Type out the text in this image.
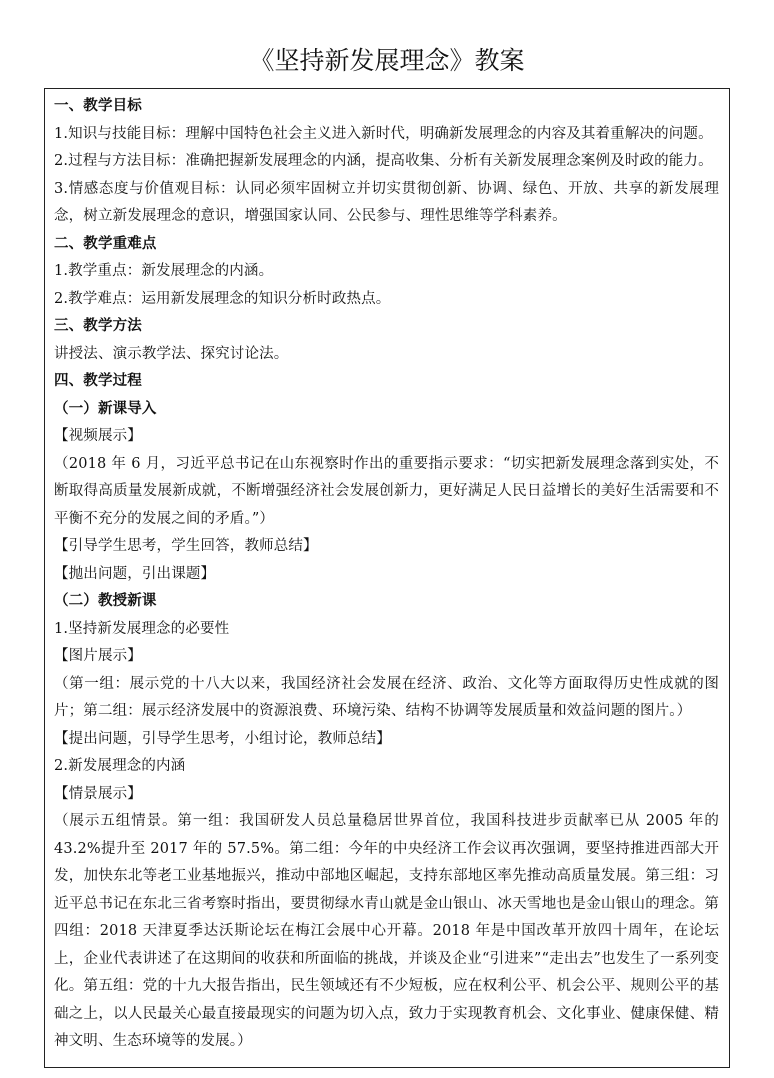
《坚持新发展理念》教案
一、教学目标
1.知识与技能目标：理解中国特色社会主义进入新时代，明确新发展理念的内容及其着重解决的问题。
2.过程与方法目标：准确把握新发展理念的内涵，提高收集、分析有关新发展理念案例及时政的能力。
3.情感态度与价值观目标：认同必须牢固树立并切实贯彻创新、协调、绿色、开放、共享的新发展理念，树立新发展理念的意识，增强国家认同、公民参与、理性思维等学科素养。
二、教学重难点
1.教学重点：新发展理念的内涵。
2.教学难点：运用新发展理念的知识分析时政热点。
三、教学方法
讲授法、演示教学法、探究讨论法。
四、教学过程
（一）新课导入
【视频展示】
（2018 年 6 月，习近平总书记在山东视察时作出的重要指示要求：“切实把新发展理念落到实处，不断取得高质量发展新成就，不断增强经济社会发展创新力，更好满足人民日益增长的美好生活需要和不平衡不充分的发展之间的矛盾。”）
【引导学生思考，学生回答，教师总结】
【抛出问题，引出课题】
（二）教授新课
1.坚持新发展理念的必要性
【图片展示】
（第一组：展示党的十八大以来，我国经济社会发展在经济、政治、文化等方面取得历史性成就的图片；第二组：展示经济发展中的资源浪费、环境污染、结构不协调等发展质量和效益问题的图片。）
【提出问题，引导学生思考，小组讨论，教师总结】
2.新发展理念的内涵
【情景展示】
（展示五组情景。第一组：我国研发人员总量稳居世界首位，我国科技进步贡献率已从 2005 年的 43.2%提升至 2017 年的 57.5%。第二组：今年的中央经济工作会议再次强调，要坚持推进西部大开发，加快东北等老工业基地振兴，推动中部地区崛起，支持东部地区率先推动高质量发展。第三组：习近平总书记在东北三省考察时指出，要贯彻绿水青山就是金山银山、冰天雪地也是金山银山的理念。第四组：2018 天津夏季达沃斯论坛在梅江会展中心开幕。2018 年是中国改革开放四十周年，在论坛上，企业代表讲述了在这期间的收获和所面临的挑战，并谈及企业“引进来”“走出去”也发生了一系列变化。第五组：党的十九大报告指出，民生领域还有不少短板，应在权利公平、机会公平、规则公平的基础之上，以人民最关心最直接最现实的问题为切入点，致力于实现教育机会、文化事业、健康保健、精神文明、生态环境等的发展。）
